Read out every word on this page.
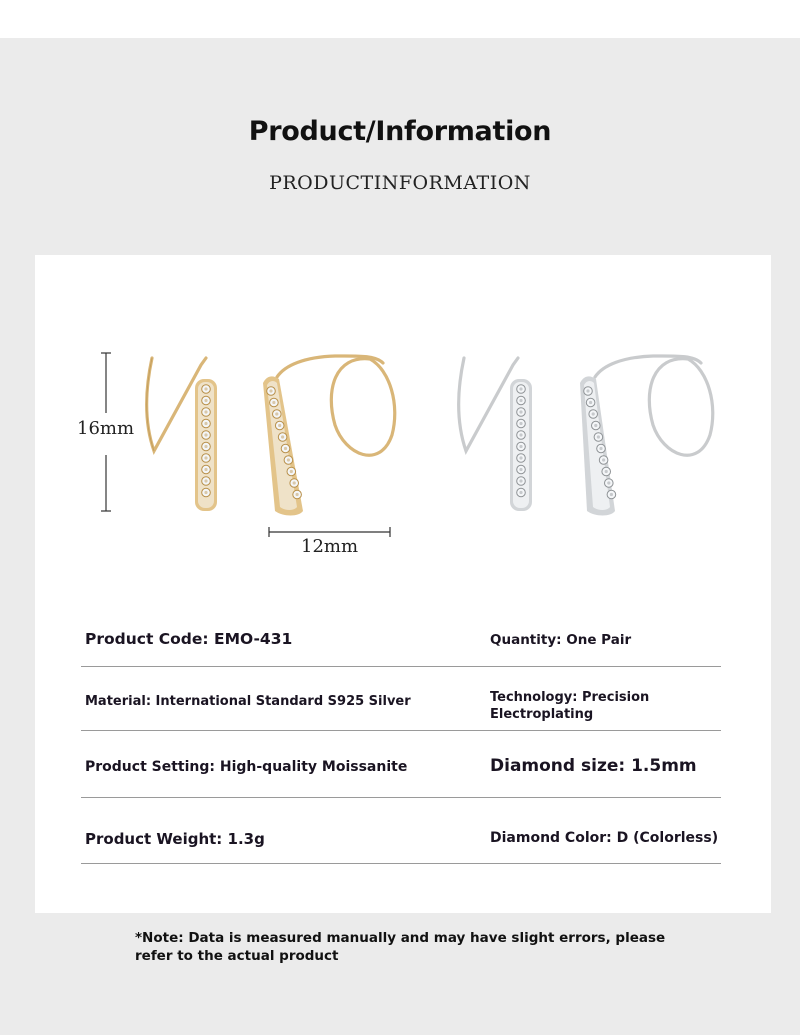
Product/Information
PRODUCTINFORMATION
16mm
12mm
Product Code: EMO-431	Quantity: One Pair
Material: International Standard S925 Silver	Technology: Precision Electroplating
Product Setting: High-quality Moissanite	Diamond size: 1.5mm
Product Weight: 1.3g	Diamond Color: D (Colorless)
*Note: Data is measured manually and may have slight errors, please refer to the actual product
